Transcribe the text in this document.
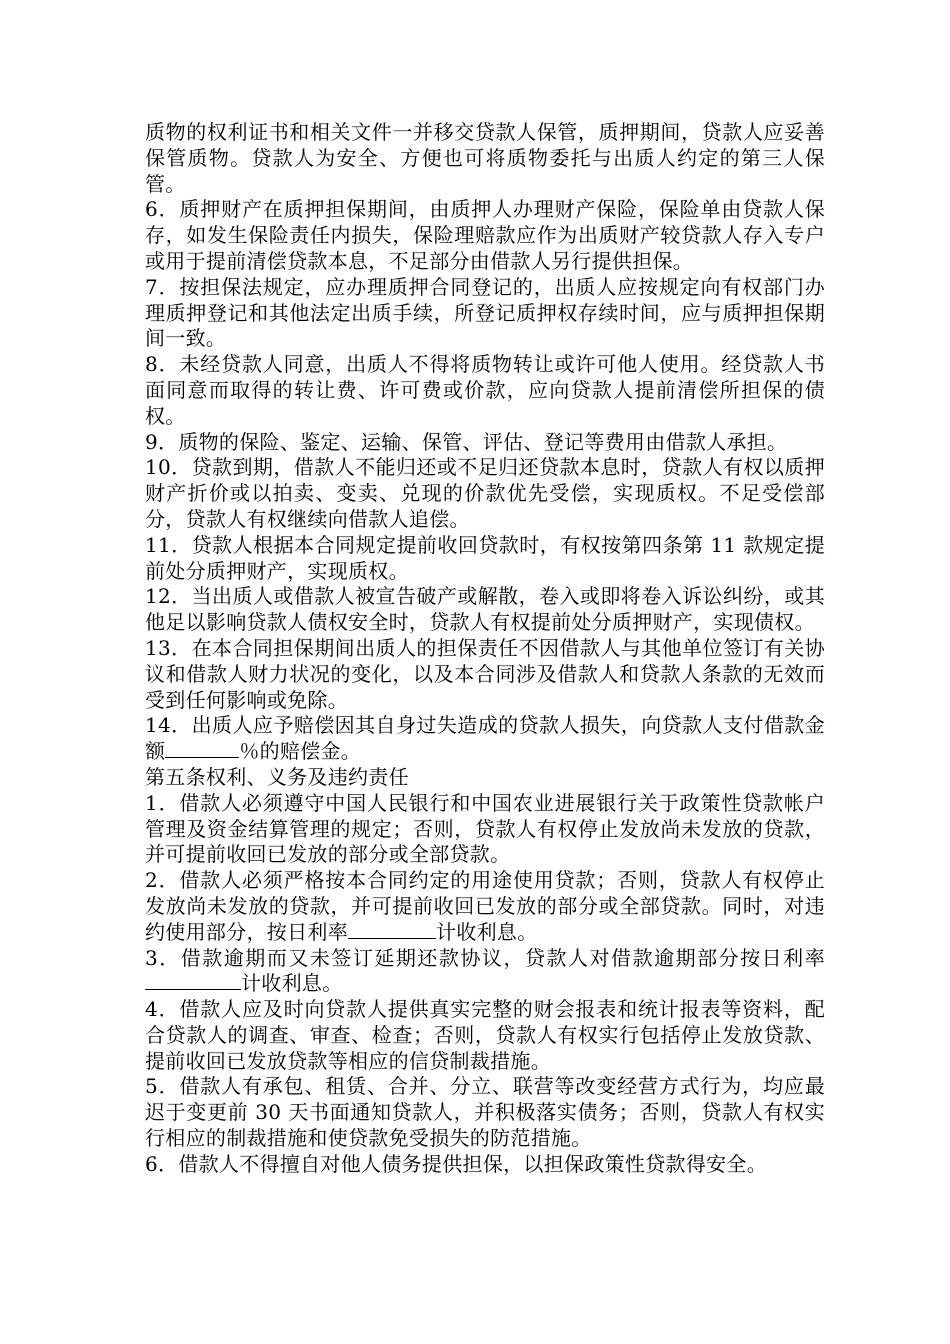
质物的权利证书和相关文件一并移交贷款人保管，质押期间，贷款人应妥善保管质物。贷款人为安全、方便也可将质物委托与出质人约定的第三人保管。

6．质押财产在质押担保期间，由质押人办理财产保险，保险单由贷款人保存，如发生保险责任内损失，保险理赔款应作为出质财产较贷款人存入专户或用于提前清偿贷款本息，不足部分由借款人另行提供担保。

7．按担保法规定，应办理质押合同登记的，出质人应按规定向有权部门办理质押登记和其他法定出质手续，所登记质押权存续时间，应与质押担保期间一致。

8．未经贷款人同意，出质人不得将质物转让或许可他人使用。经贷款人书面同意而取得的转让费、许可费或价款，应向贷款人提前清偿所担保的债权。

9．质物的保险、鉴定、运输、保管、评估、登记等费用由借款人承担。

10．贷款到期，借款人不能归还或不足归还贷款本息时，贷款人有权以质押财产折价或以拍卖、变卖、兑现的价款优先受偿，实现质权。不足受偿部分，贷款人有权继续向借款人追偿。

11．贷款人根据本合同规定提前收回贷款时，有权按第四条第 11 款规定提前处分质押财产，实现质权。

12．当出质人或借款人被宣告破产或解散，卷入或即将卷入诉讼纠纷，或其他足以影响贷款人债权安全时，贷款人有权提前处分质押财产，实现债权。

13．在本合同担保期间出质人的担保责任不因借款人与其他单位签订有关协议和借款人财力状况的变化，以及本合同涉及借款人和贷款人条款的无效而受到任何影响或免除。

14．出质人应予赔偿因其自身过失造成的贷款人损失，向贷款人支付借款金额	％的赔偿金。

第五条权利、义务及违约责任

1．借款人必须遵守中国人民银行和中国农业进展银行关于政策性贷款帐户管理及资金结算管理的规定；否则，贷款人有权停止发放尚未发放的贷款，并可提前收回已发放的部分或全部贷款。

2．借款人必须严格按本合同约定的用途使用贷款；否则，贷款人有权停止发放尚未发放的贷款，并可提前收回已发放的部分或全部贷款。同时，对违约使用部分，按日利率	计收利息。

3．借款逾期而又未签订延期还款协议，贷款人对借款逾期部分按日利率计收利息。

4．借款人应及时向贷款人提供真实完整的财会报表和统计报表等资料，配合贷款人的调查、审查、检查；否则，贷款人有权实行包括停止发放贷款、提前收回已发放贷款等相应的信贷制裁措施。

5．借款人有承包、租赁、合并、分立、联营等改变经营方式行为，均应最迟于变更前 30 天书面通知贷款人，并积极落实债务；否则，贷款人有权实行相应的制裁措施和使贷款免受损失的防范措施。

6．借款人不得擅自对他人债务提供担保，以担保政策性贷款得安全。
